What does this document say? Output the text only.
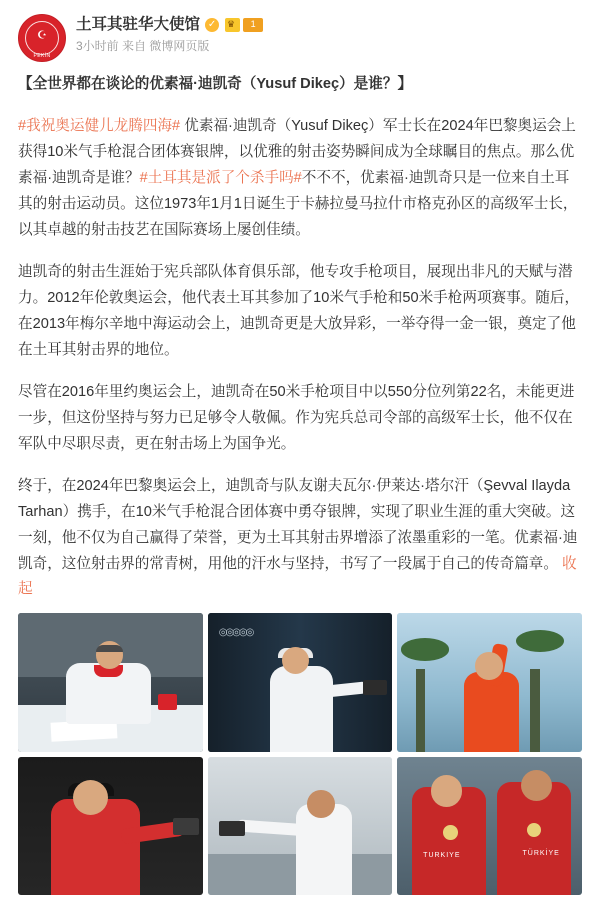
☪
PEKİN
土耳其驻华大使馆 ✓	♛	1
3小时前 来自 微博网页版

【全世界都在谈论的优素福·迪凯奇（Yusuf Dikeç）是谁？】

#我祝奥运健儿龙腾四海# 优素福·迪凯奇（Yusuf Dikeç）军士长在2024年巴黎奥运会上获得10米气手枪混合团体赛银牌，以优雅的射击姿势瞬间成为全球瞩目的焦点。那么优素福·迪凯奇是谁？#土耳其是派了个杀手吗#不不不，优素福·迪凯奇只是一位来自土耳其的射击运动员。这位1973年1月1日诞生于卡赫拉曼马拉什市格克孙区的高级军士长，以其卓越的射击技艺在国际赛场上屡创佳绩。

迪凯奇的射击生涯始于宪兵部队体育俱乐部，他专攻手枪项目，展现出非凡的天赋与潜力。2012年伦敦奥运会，他代表土耳其参加了10米气手枪和50米手枪两项赛事。随后，在2013年梅尔辛地中海运动会上，迪凯奇更是大放异彩，一举夺得一金一银，奠定了他在土耳其射击界的地位。

尽管在2016年里约奥运会上，迪凯奇在50米手枪项目中以550分位列第22名，未能更进一步，但这份坚持与努力已足够令人敬佩。作为宪兵总司令部的高级军士长，他不仅在军队中尽职尽责，更在射击场上为国争光。

终于，在2024年巴黎奥运会上，迪凯奇与队友谢夫瓦尔·伊莱达·塔尔汗（Şevval Ilayda Tarhan）携手，在10米气手枪混合团体赛中勇夺银牌，实现了职业生涯的重大突破。这一刻，他不仅为自己赢得了荣誉，更为土耳其射击界增添了浓墨重彩的一笔。优素福·迪凯奇，这位射击界的常青树，用他的汗水与坚持，书写了一段属于自己的传奇篇章。 收起

◎◎◎◎◎
TURKIYE	TÜRKİYE
